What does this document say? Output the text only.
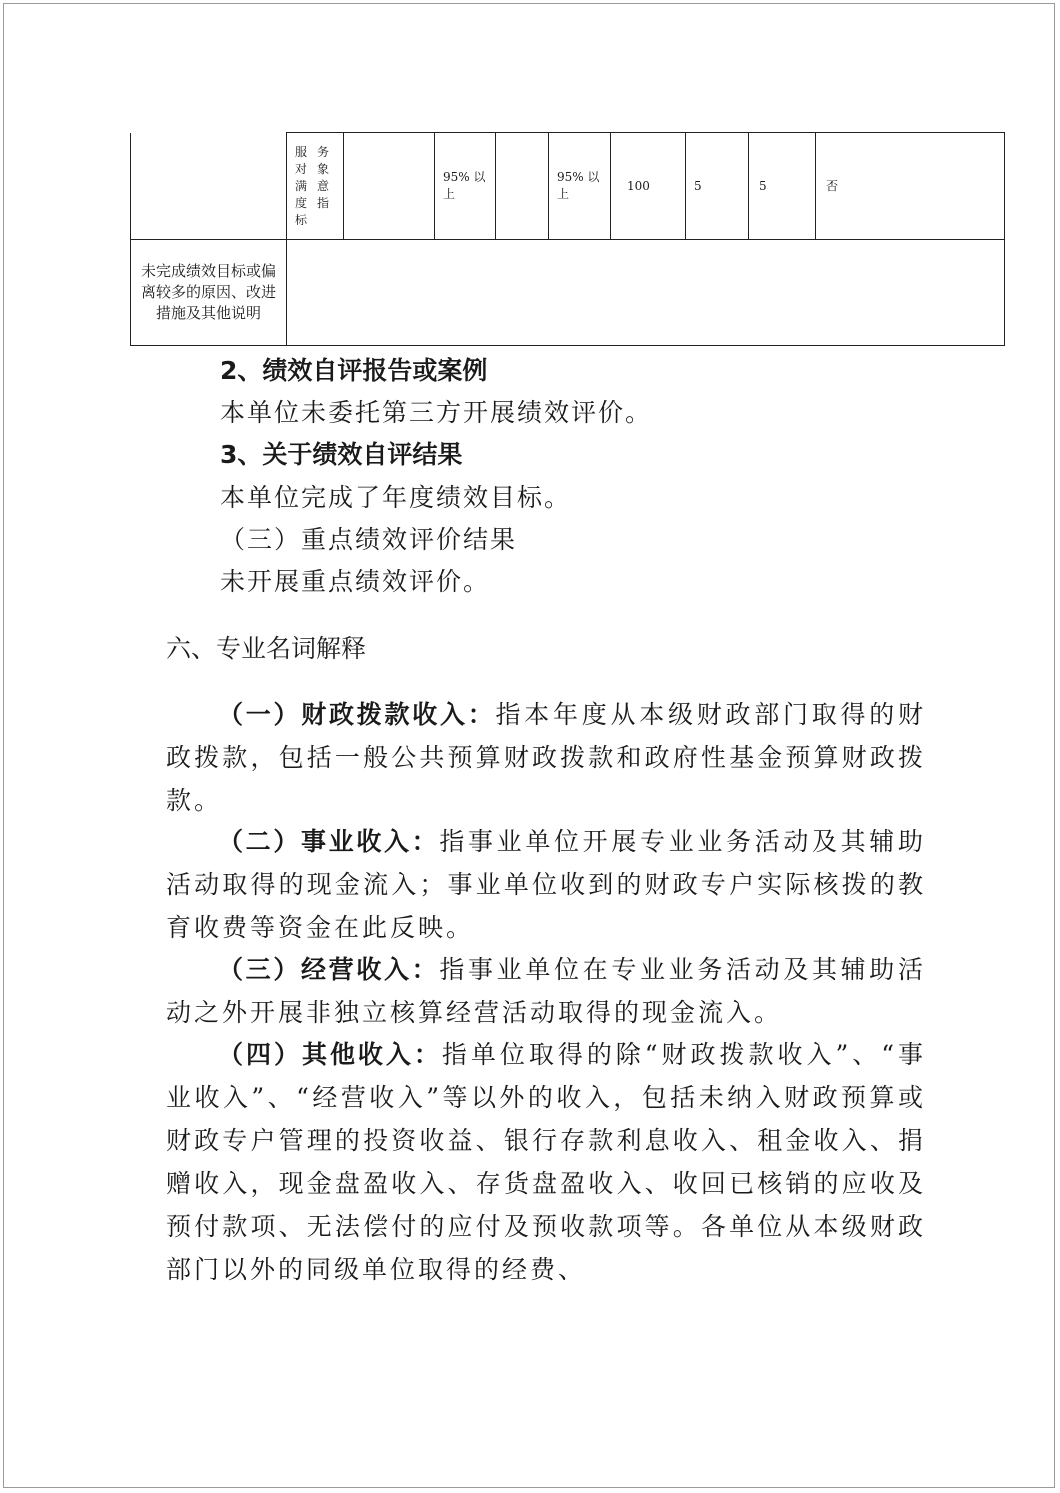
	服务对象满意度指标		95% 以上		95% 以上	100	5	5	否

未完成绩效目标或偏离较多的原因、改进措施及其他说明									

2、绩效自评报告或案例
本单位未委托第三方开展绩效评价。
3、关于绩效自评结果
本单位完成了年度绩效目标。
（三）重点绩效评价结果
未开展重点绩效评价。
六、专业名词解释
（一）财政拨款收入：指本年度从本级财政部门取得的财政拨款，包括一般公共预算财政拨款和政府性基金预算财政拨款。
（二）事业收入：指事业单位开展专业业务活动及其辅助活动取得的现金流入；事业单位收到的财政专户实际核拨的教育收费等资金在此反映。
（三）经营收入：指事业单位在专业业务活动及其辅助活动之外开展非独立核算经营活动取得的现金流入。
（四）其他收入：指单位取得的除“财政拨款收入”、“事业收入”、“经营收入”等以外的收入，包括未纳入财政预算或财政专户管理的投资收益、银行存款利息收入、租金收入、捐赠收入，现金盘盈收入、存货盘盈收入、收回已核销的应收及预付款项、无法偿付的应付及预收款项等。各单位从本级财政部门以外的同级单位取得的经费、
